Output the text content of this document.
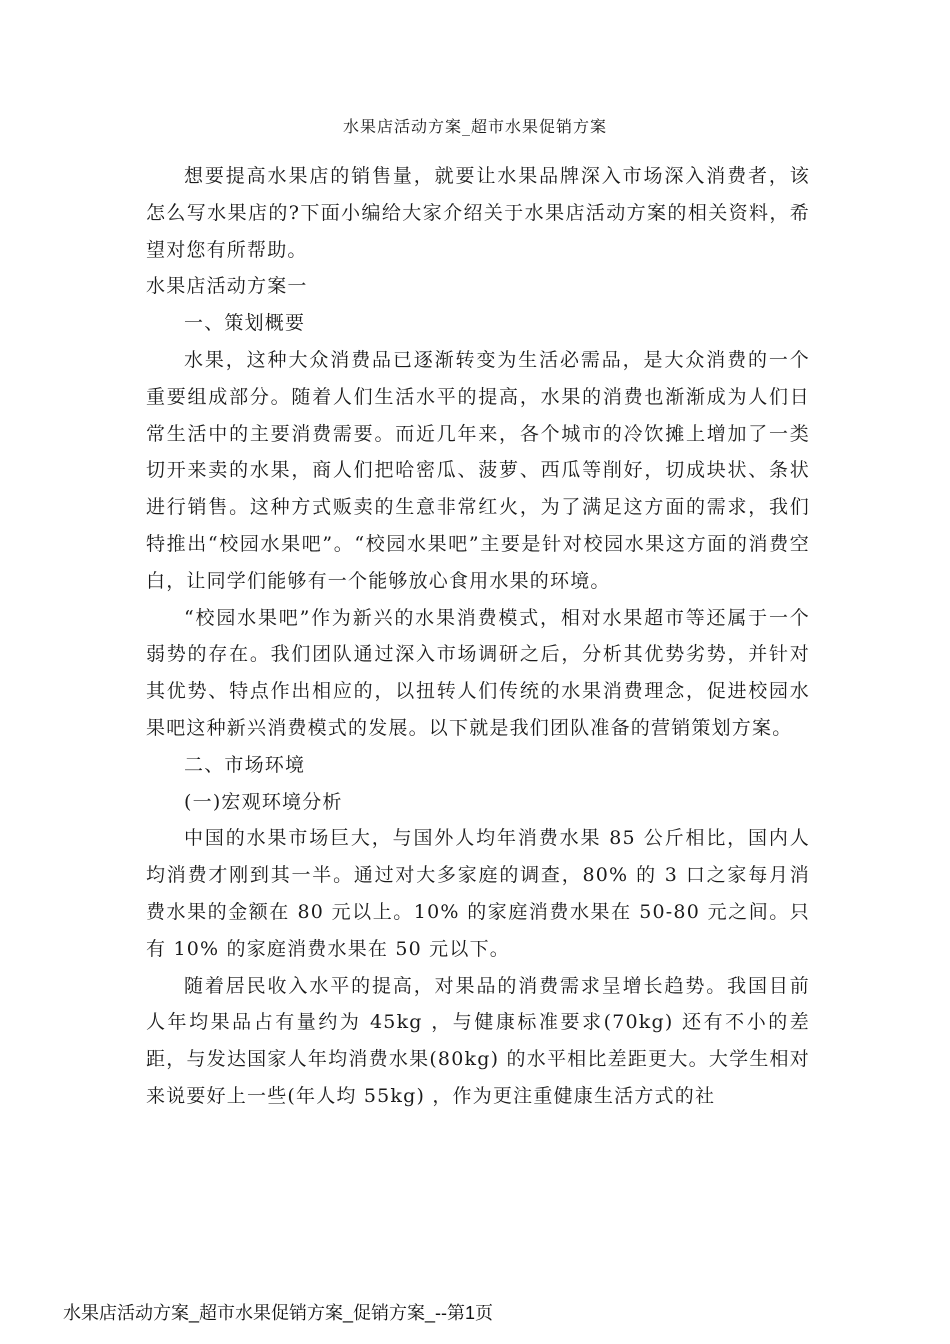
水果店活动方案_超市水果促销方案

想要提高水果店的销售量，就要让水果品牌深入市场深入消费者，该怎么写水果店的?下面小编给大家介绍关于水果店活动方案的相关资料，希望对您有所帮助。

水果店活动方案一

一、策划概要

水果，这种大众消费品已逐渐转变为生活必需品，是大众消费的一个重要组成部分。随着人们生活水平的提高，水果的消费也渐渐成为人们日常生活中的主要消费需要。而近几年来，各个城市的冷饮摊上增加了一类切开来卖的水果，商人们把哈密瓜、菠萝、西瓜等削好，切成块状、条状进行销售。这种方式贩卖的生意非常红火，为了满足这方面的需求，我们特推出“校园水果吧”。“校园水果吧”主要是针对校园水果这方面的消费空白，让同学们能够有一个能够放心食用水果的环境。

“校园水果吧”作为新兴的水果消费模式，相对水果超市等还属于一个弱势的存在。我们团队通过深入市场调研之后，分析其优势劣势，并针对其优势、特点作出相应的，以扭转人们传统的水果消费理念，促进校园水果吧这种新兴消费模式的发展。以下就是我们团队准备的营销策划方案。

二、市场环境

(一)宏观环境分析

中国的水果市场巨大，与国外人均年消费水果 85 公斤相比，国内人均消费才刚到其一半。通过对大多家庭的调查，80% 的 3 口之家每月消费水果的金额在 80 元以上。10% 的家庭消费水果在 50-80 元之间。只有 10% 的家庭消费水果在 50 元以下。

随着居民收入水平的提高，对果品的消费需求呈增长趋势。我国目前人年均果品占有量约为 45kg ，与健康标准要求(70kg) 还有不小的差距，与发达国家人年均消费水果(80kg) 的水平相比差距更大。大学生相对来说要好上一些(年人均 55kg) ，作为更注重健康生活方式的社

水果店活动方案_超市水果促销方案_促销方案_--第1页
